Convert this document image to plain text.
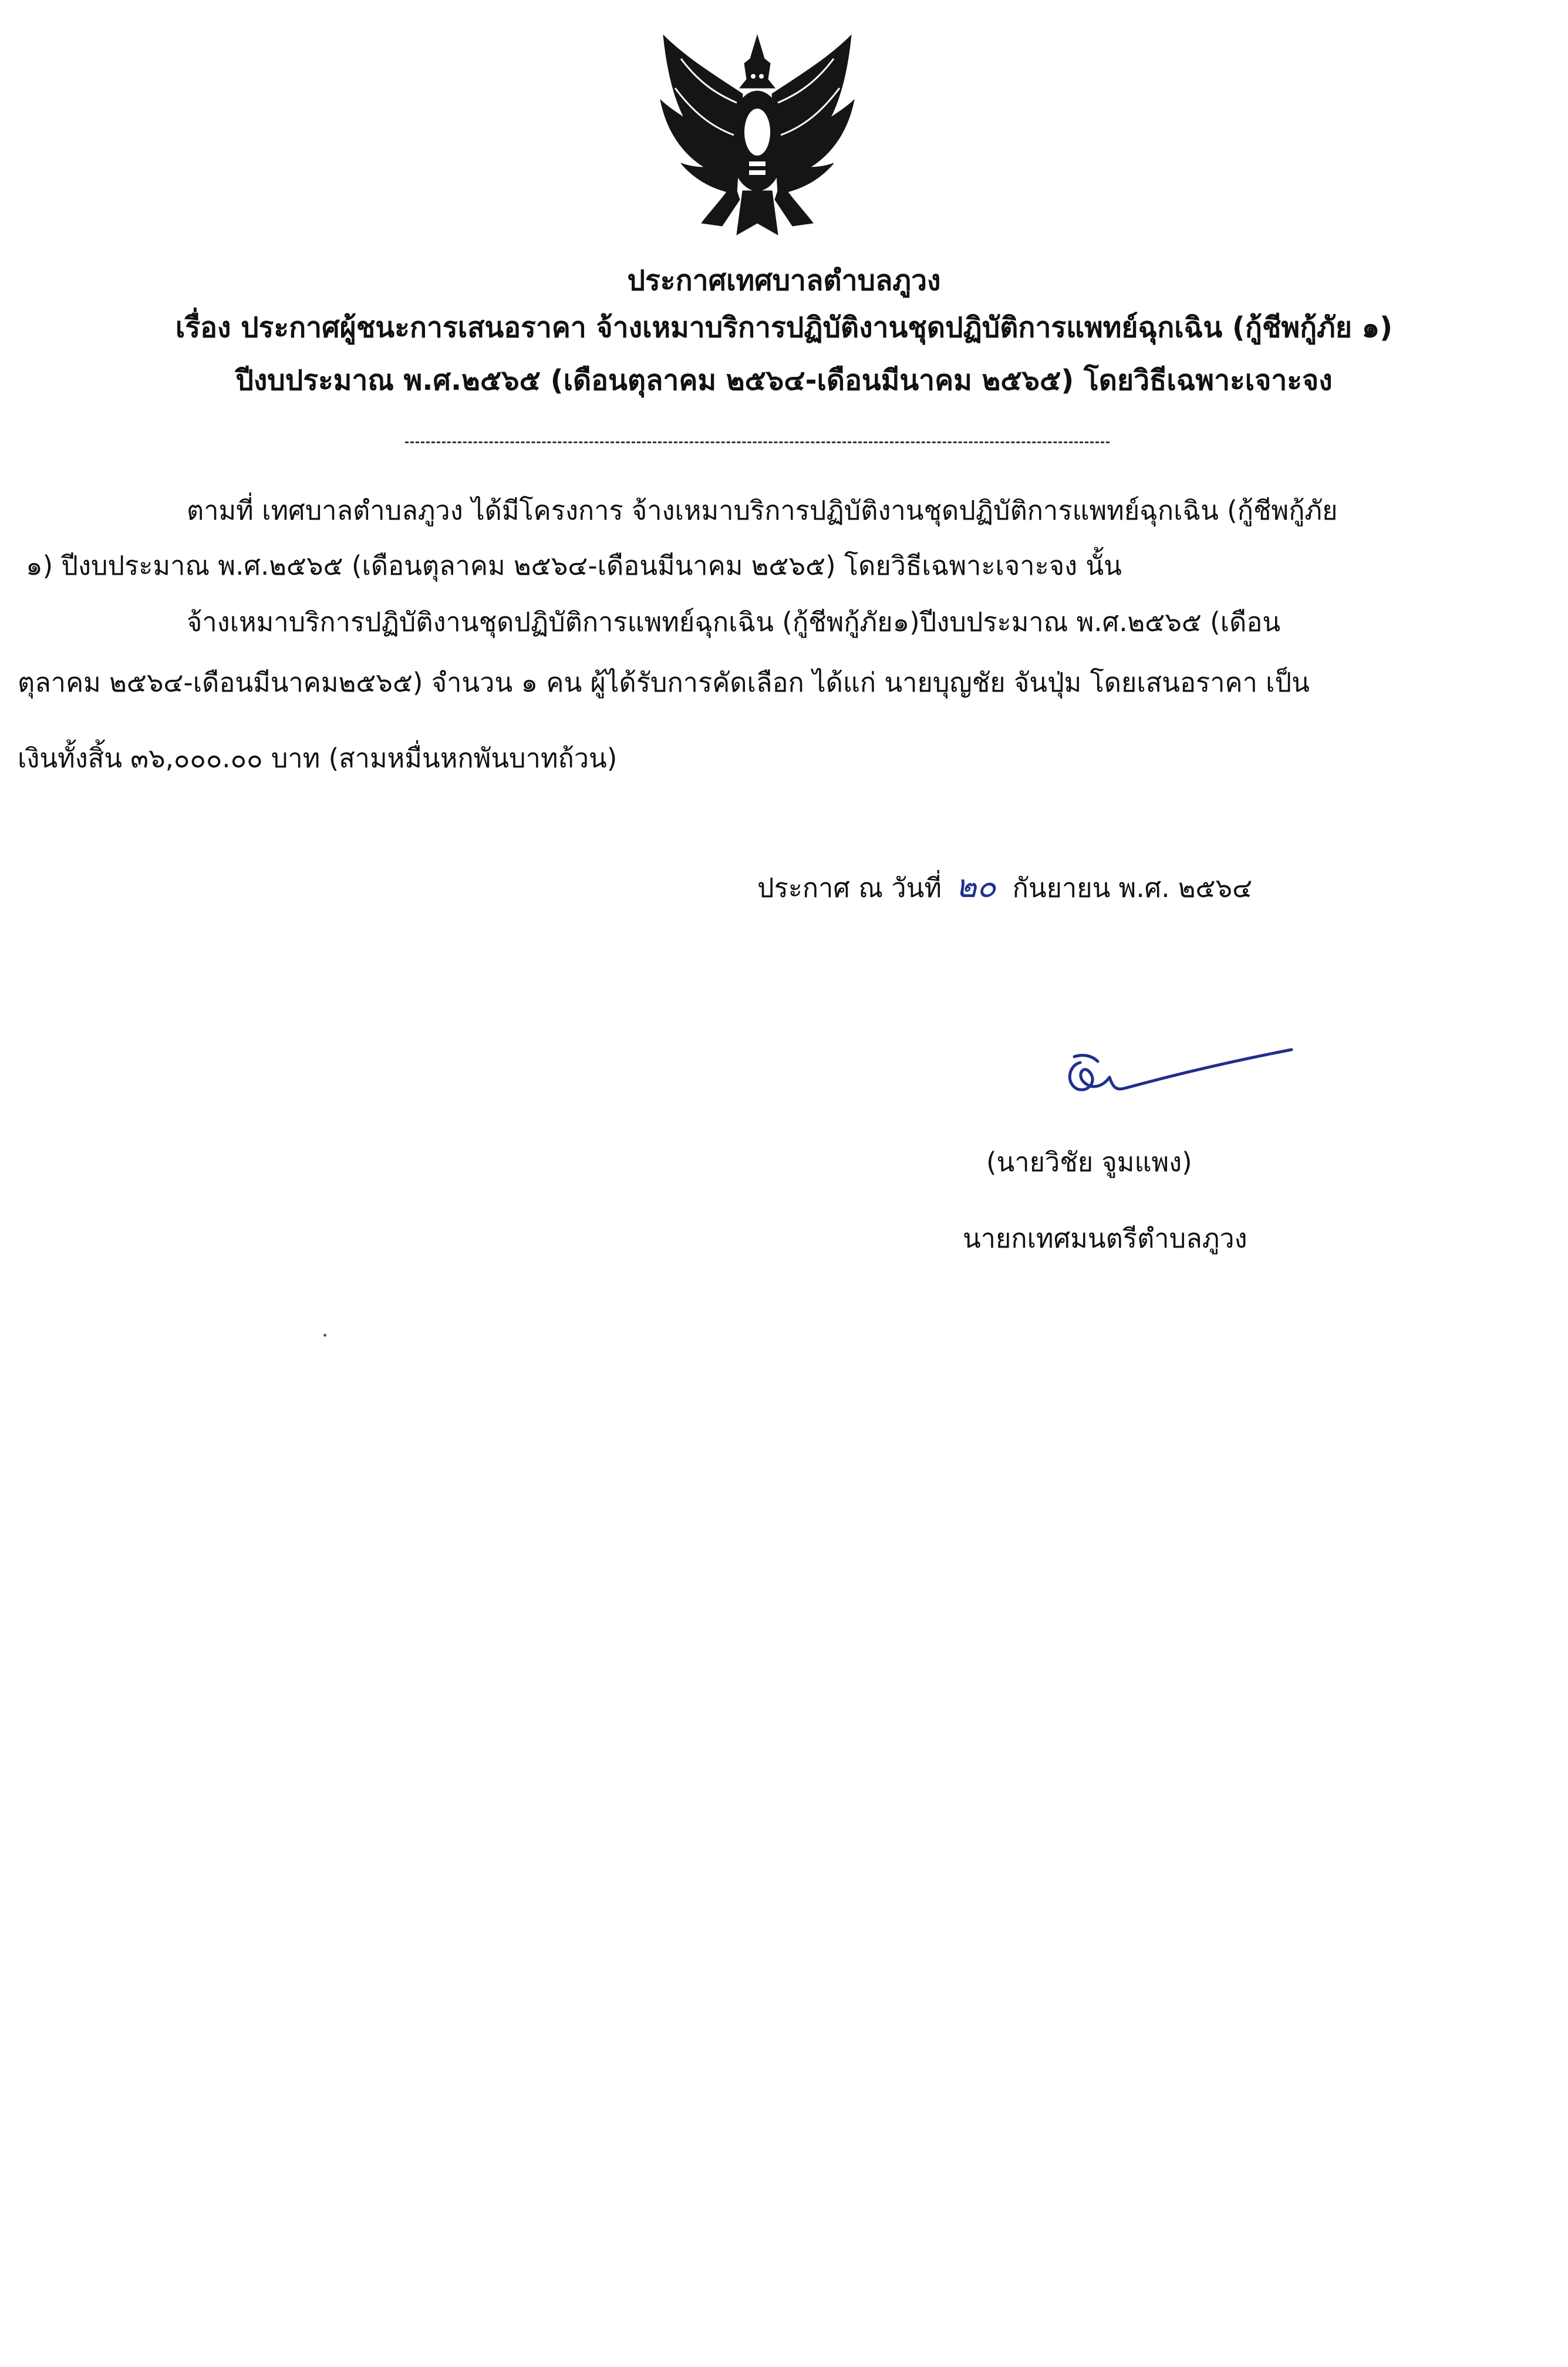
ประกาศเทศบาลตำบลภูวง
เรื่อง ประกาศผู้ชนะการเสนอราคา จ้างเหมาบริการปฏิบัติงานชุดปฏิบัติการแพทย์ฉุกเฉิน (กู้ชีพกู้ภัย ๑)
ปีงบประมาณ พ.ศ.๒๕๖๕ (เดือนตุลาคม ๒๕๖๔-เดือนมีนาคม ๒๕๖๕) โดยวิธีเฉพาะเจาะจง
ตามที่ เทศบาลตำบลภูวง ได้มีโครงการ จ้างเหมาบริการปฏิบัติงานชุดปฏิบัติการแพทย์ฉุกเฉิน (กู้ชีพกู้ภัย
๑) ปีงบประมาณ พ.ศ.๒๕๖๕ (เดือนตุลาคม ๒๕๖๔-เดือนมีนาคม ๒๕๖๕) โดยวิธีเฉพาะเจาะจง นั้น
จ้างเหมาบริการปฏิบัติงานชุดปฏิบัติการแพทย์ฉุกเฉิน (กู้ชีพกู้ภัย๑)ปีงบประมาณ พ.ศ.๒๕๖๕ (เดือน
ตุลาคม ๒๕๖๔-เดือนมีนาคม๒๕๖๕) จำนวน ๑ คน ผู้ได้รับการคัดเลือก ได้แก่ นายบุญชัย จันปุ่ม โดยเสนอราคา เป็น
เงินทั้งสิ้น ๓๖,๐๐๐.๐๐ บาท (สามหมื่นหกพันบาทถ้วน)
ประกาศ ณ วันที่ ๒๐ กันยายน พ.ศ. ๒๕๖๔
(นายวิชัย จูมแพง)
นายกเทศมนตรีตำบลภูวง
